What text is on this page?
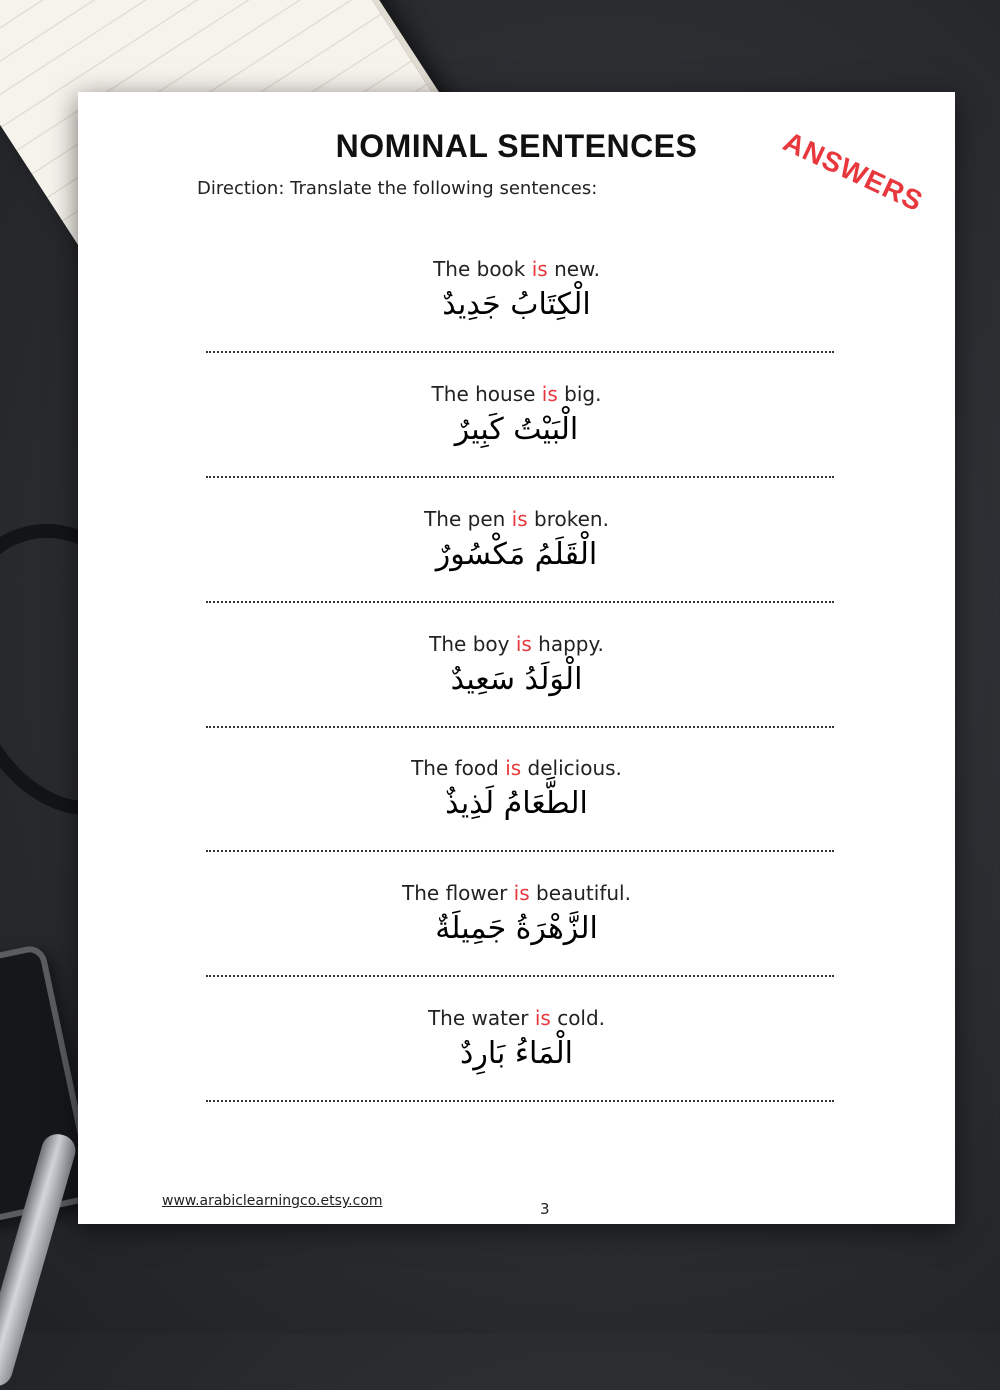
NOMINAL SENTENCES	ANSWERS
Direction: Translate the following sentences:
The book is new.
الْكِتَابُ جَدِيدٌ
The house is big.
الْبَيْتُ كَبِيرٌ
The pen is broken.
الْقَلَمُ مَكْسُورٌ
The boy is happy.
الْوَلَدُ سَعِيدٌ
The food is delicious.
الطَّعَامُ لَذِيذٌ
The flower is beautiful.
الزَّهْرَةُ جَمِيلَةٌ
The water is cold.
الْمَاءُ بَارِدٌ
www.arabiclearningco.etsy.com	3
